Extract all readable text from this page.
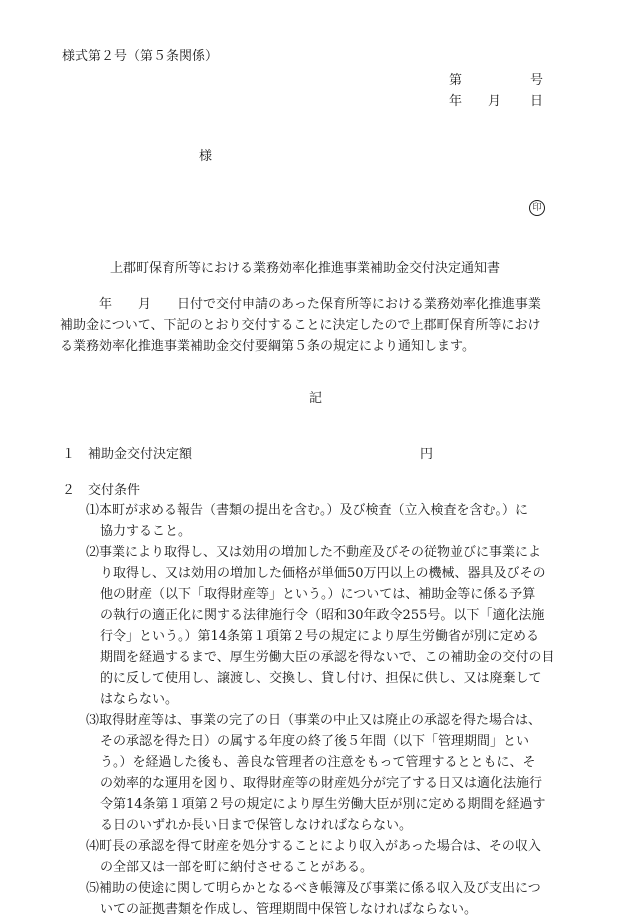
様式第２号（第５条関係）
第	号
年 月 日
様
印
上郡町保育所等における業務効率化推進事業補助金交付決定通知書
　　　年　　月　　日付で交付申請のあった保育所等における業務効率化推進事業
補助金について、下記のとおり交付することに決定したので上郡町保育所等におけ
る業務効率化推進事業補助金交付要綱第５条の規定により通知します。
記
１ 補助金交付決定額	円
２ 交付条件
⑴本町が求める報告（書類の提出を含む。）及び検査（立入検査を含む。）に
協力すること。
⑵事業により取得し、又は効用の増加した不動産及びその従物並びに事業によ
り取得し、又は効用の増加した価格が単価50万円以上の機械、器具及びその
他の財産（以下「取得財産等」という。）については、補助金等に係る予算
の執行の適正化に関する法律施行令（昭和30年政令255号。以下「適化法施
行令」という。）第14条第１項第２号の規定により厚生労働省が別に定める
期間を経過するまで、厚生労働大臣の承認を得ないで、この補助金の交付の目
的に反して使用し、譲渡し、交換し、貸し付け、担保に供し、又は廃棄して
はならない。
⑶取得財産等は、事業の完了の日（事業の中止又は廃止の承認を得た場合は、
その承認を得た日）の属する年度の終了後５年間（以下「管理期間」とい
う。）を経過した後も、善良な管理者の注意をもって管理するとともに、そ
の効率的な運用を図り、取得財産等の財産処分が完了する日又は適化法施行
令第14条第１項第２号の規定により厚生労働大臣が別に定める期間を経過す
る日のいずれか長い日まで保管しなければならない。
⑷町長の承認を得て財産を処分することにより収入があった場合は、その収入
の全部又は一部を町に納付させることがある。
⑸補助の使途に関して明らかとなるべき帳簿及び事業に係る収入及び支出につ
いての証拠書類を作成し、管理期間中保管しなければならない。
